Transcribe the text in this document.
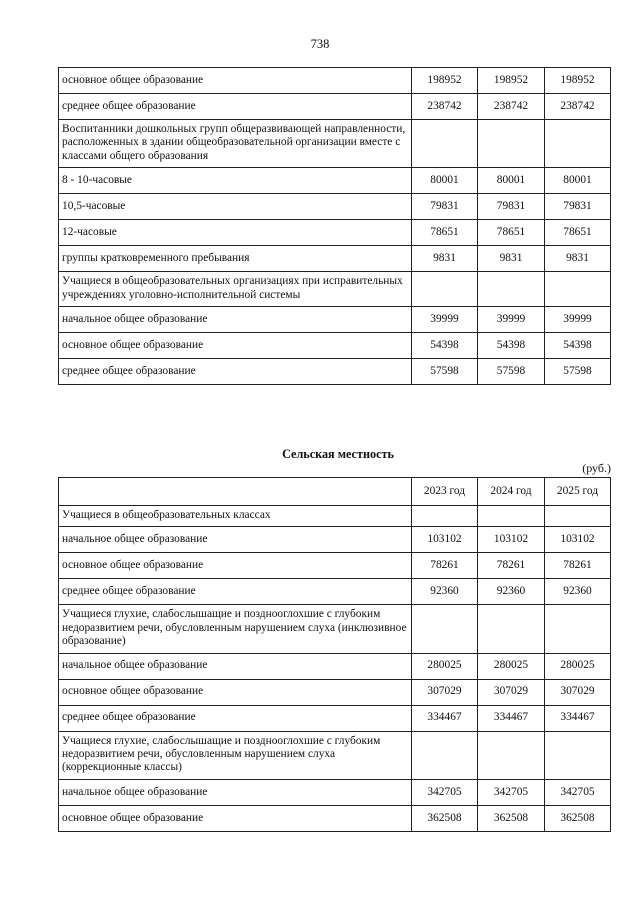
738
основное общее образование	198952	198952	198952
среднее общее образование	238742	238742	238742
Воспитанники дошкольных групп общеразвивающей направленности, расположенных в здании общеобразовательной организации вместе с классами общего образования			
8 - 10-часовые	80001	80001	80001
10,5-часовые	79831	79831	79831
12-часовые	78651	78651	78651
группы кратковременного пребывания	9831	9831	9831
Учащиеся в общеобразовательных организациях при исправительных учреждениях уголовно-исполнительной системы			
начальное общее образование	39999	39999	39999
основное общее образование	54398	54398	54398
среднее общее образование	57598	57598	57598
Сельская местность
(руб.)
	2023 год	2024 год	2025 год
Учащиеся в общеобразовательных классах			
начальное общее образование	103102	103102	103102
основное общее образование	78261	78261	78261
среднее общее образование	92360	92360	92360
Учащиеся глухие, слабослышащие и позднооглохшие с глубоким недоразвитием речи, обусловленным нарушением слуха (инклюзивное образование)			
начальное общее образование	280025	280025	280025
основное общее образование	307029	307029	307029
среднее общее образование	334467	334467	334467
Учащиеся глухие, слабослышащие и позднооглохшие с глубоким недоразвитием речи, обусловленным нарушением слуха (коррекционные классы)			
начальное общее образование	342705	342705	342705
основное общее образование	362508	362508	362508
